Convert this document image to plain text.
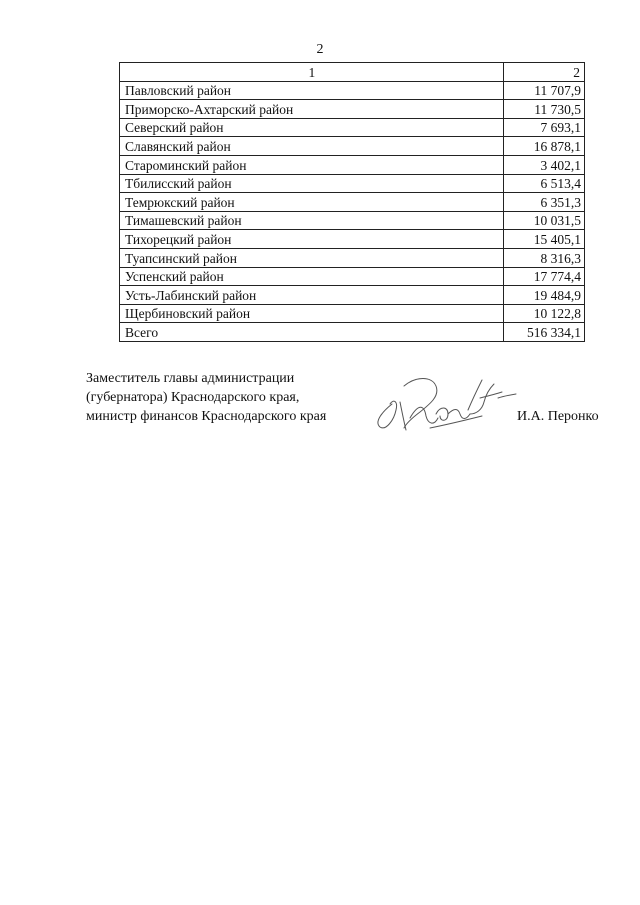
2
1	2
Павловский район	11 707,9
Приморско-Ахтарский район	11 730,5
Северский район	7 693,1
Славянский район	16 878,1
Староминский район	3 402,1
Тбилисский район	6 513,4
Темрюкский район	6 351,3
Тимашевский район	10 031,5
Тихорецкий район	15 405,1
Туапсинский район	8 316,3
Успенский район	17 774,4
Усть-Лабинский район	19 484,9
Щербиновский район	10 122,8
Всего	516 334,1
Заместитель главы администрации
(губернатора) Краснодарского края,
министр финансов Краснодарского края	И.А. Перонко
